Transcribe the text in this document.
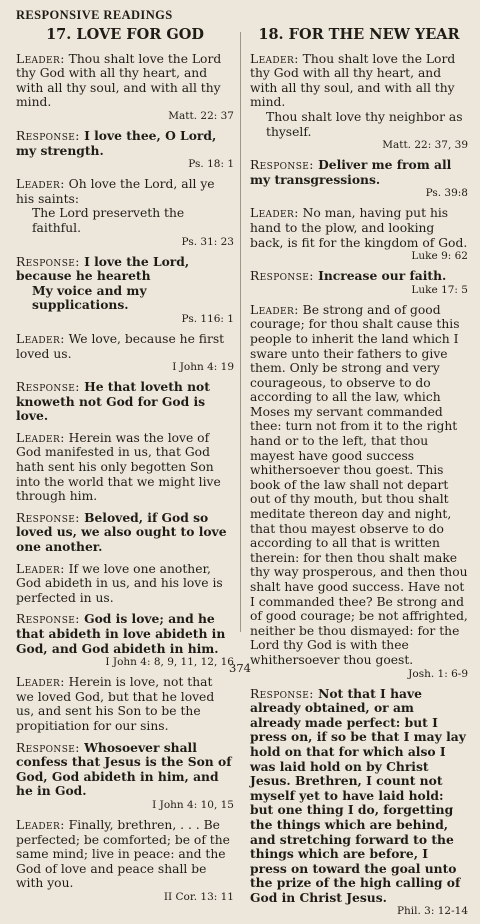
RESPONSIVE READINGS
17. LOVE FOR GOD
Leader: Thou shalt love the Lord thy God with all thy heart, and with all thy soul, and with all thy mind.
Matt. 22: 37
Response: I love thee, O Lord, my strength.
Ps. 18: 1
Leader: Oh love the Lord, all ye his saints:
The Lord preserveth the faithful.
Ps. 31: 23
Response: I love the Lord, because he heareth
My voice and my supplications.
Ps. 116: 1
Leader: We love, because he first loved us.
I John 4: 19
Response: He that loveth not knoweth not God for God is love.
Leader: Herein was the love of God manifested in us, that God hath sent his only begotten Son into the world that we might live through him.
Response: Beloved, if God so loved us, we also ought to love one another.
Leader: If we love one another, God abideth in us, and his love is perfected in us.
Response: God is love; and he that abideth in love abideth in God, and God abideth in him.
I John 4: 8, 9, 11, 12, 16
Leader: Herein is love, not that we loved God, but that he loved us, and sent his Son to be the propitiation for our sins.
Response: Whosoever shall confess that Jesus is the Son of God, God abideth in him, and he in God.
I John 4: 10, 15
Leader: Finally, brethren, . . . Be perfected; be comforted; be of the same mind; live in peace: and the God of love and peace shall be with you.
II Cor. 13: 11
18. FOR THE NEW YEAR
Leader: Thou shalt love the Lord thy God with all thy heart, and with all thy soul, and with all thy mind.
Thou shalt love thy neighbor as thyself.
Matt. 22: 37, 39
Response: Deliver me from all my transgressions.
Ps. 39:8
Leader: No man, having put his hand to the plow, and looking back, is fit for the kingdom of God.
Luke 9: 62
Response: Increase our faith.
Luke 17: 5
Leader: Be strong and of good courage; for thou shalt cause this people to inherit the land which I sware unto their fathers to give them. Only be strong and very courageous, to observe to do according to all the law, which Moses my servant commanded thee: turn not from it to the right hand or to the left, that thou mayest have good success whithersoever thou goest. This book of the law shall not depart out of thy mouth, but thou shalt meditate thereon day and night, that thou mayest observe to do according to all that is written therein: for then thou shalt make thy way prosperous, and then thou shalt have good success. Have not I commanded thee? Be strong and of good courage; be not affrighted, neither be thou dismayed: for the Lord thy God is with thee whithersoever thou goest.
Josh. 1: 6-9
Response: Not that I have already obtained, or am already made perfect: but I press on, if so be that I may lay hold on that for which also I was laid hold on by Christ Jesus. Brethren, I count not myself yet to have laid hold: but one thing I do, forgetting the things which are behind, and stretching forward to the things which are before, I press on toward the goal unto the prize of the high calling of God in Christ Jesus.
Phil. 3: 12-14
374
